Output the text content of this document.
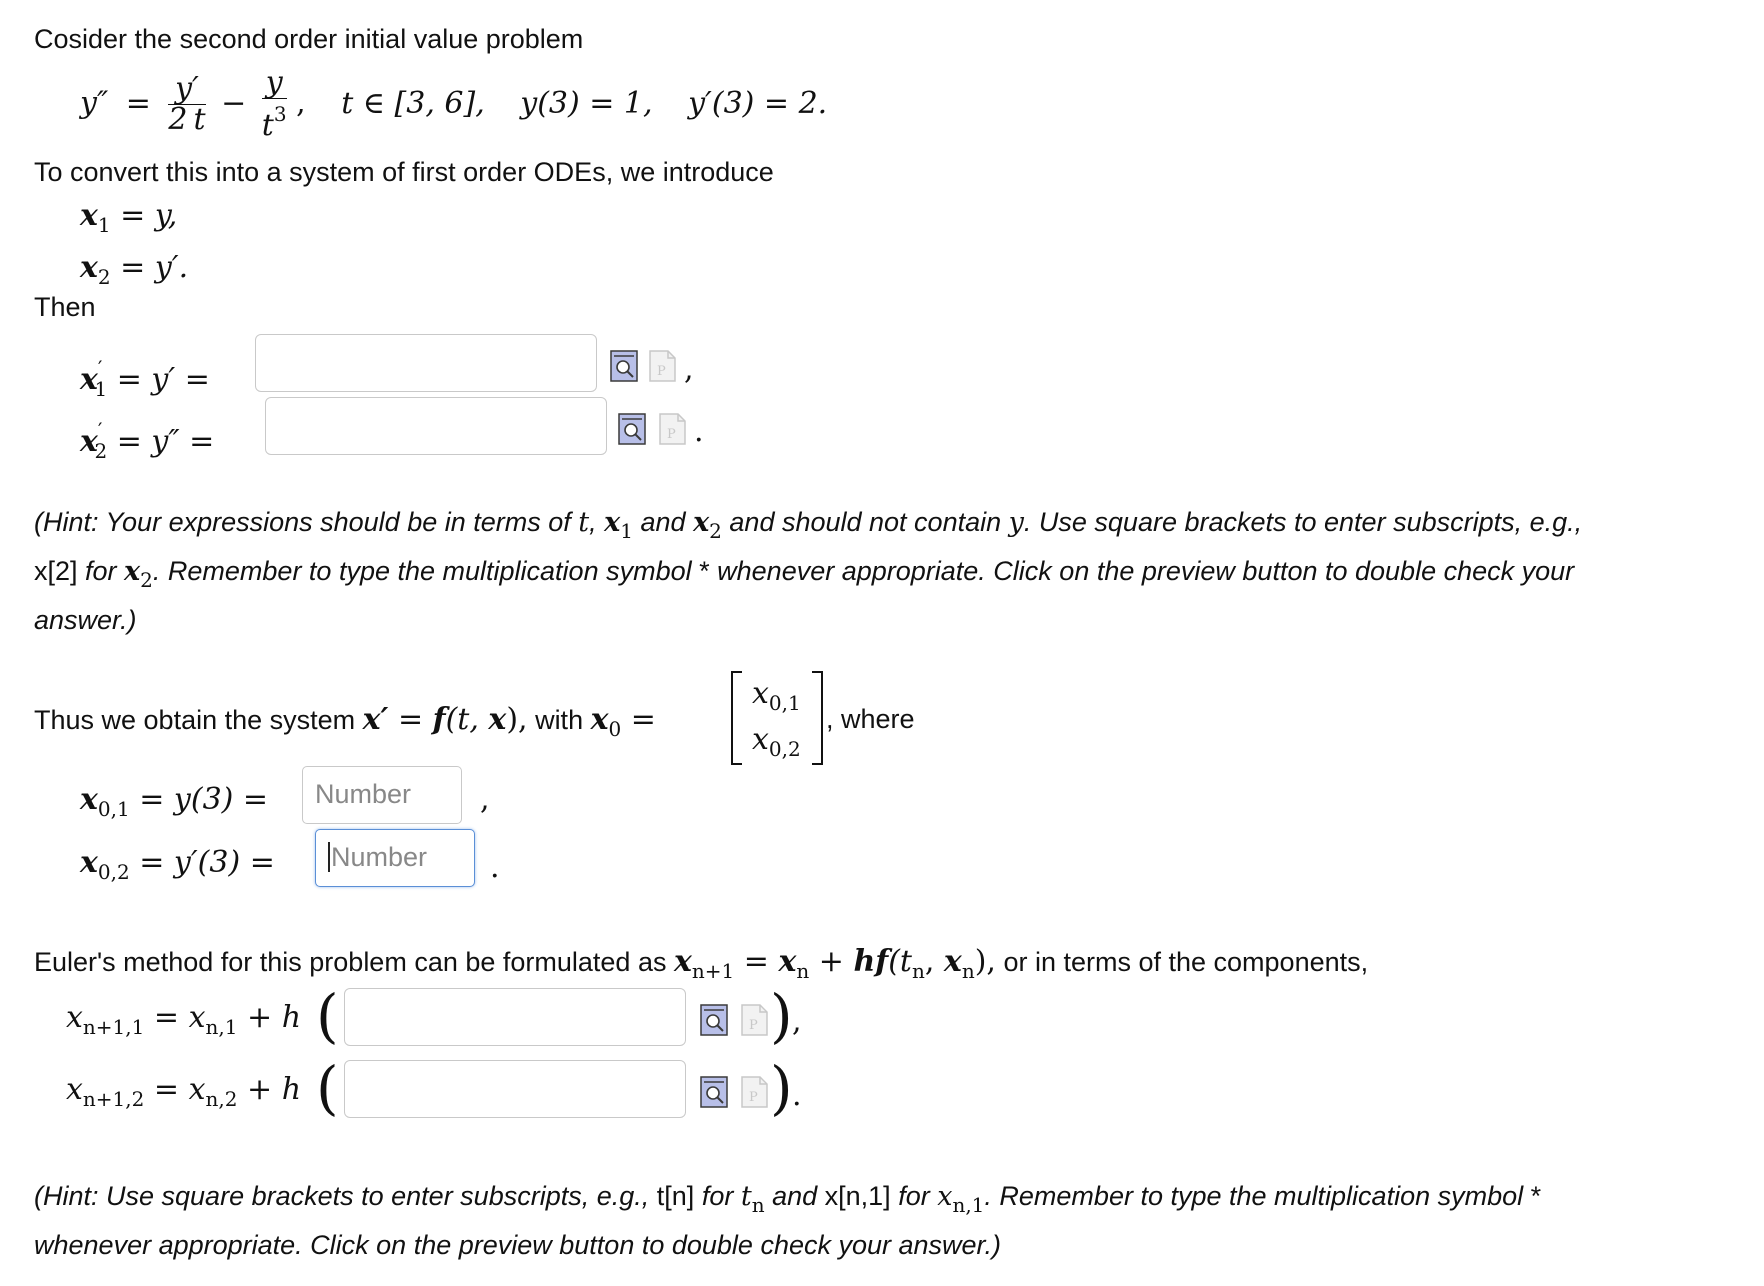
Cosider the second order initial value problem
$y'' = \frac{y'}{2 t} - \frac{y}{t^3}$ , t ∈ [3, 6], y(3) = 1, y′(3) = 2.
To convert this into a system of first order ODEs, we introduce
$x_1 = y$,
$x_2 = y'$.
Then
$x'_1 = y'$ =	P ,
$x'_2 = y''$ =	P .
(Hint: Your expressions should be in terms of t, $x_1$ and $x_2$ and should not contain y. Use square brackets to enter subscripts, e.g.,
x[2] for $x_2$. Remember to type the multiplication symbol * whenever appropriate. Click on the preview button to double check your
answer.)
Thus we obtain the system x′ = f(t, x), with $x_0$ =
$x_{0,1}$
$x_{0,2}$
, where
$x_{0,1} = y(3)$ =	Number	,
$x_{0,2} = y'(3)$ =	Number	.
Euler's method for this problem can be formulated as $x_{n+1} = x_n + hf(t_n$, $x_n$), or in terms of the components,
$x_{n+1,1} = x_{n,1} + h$ (	P ) ,
$x_{n+1,2} = x_{n,2} + h$ (	P ) .
(Hint: Use square brackets to enter subscripts, e.g., t[n] for $t_n$ and x[n,1] for $x_{n,1}$. Remember to type the multiplication symbol *
whenever appropriate. Click on the preview button to double check your answer.)
